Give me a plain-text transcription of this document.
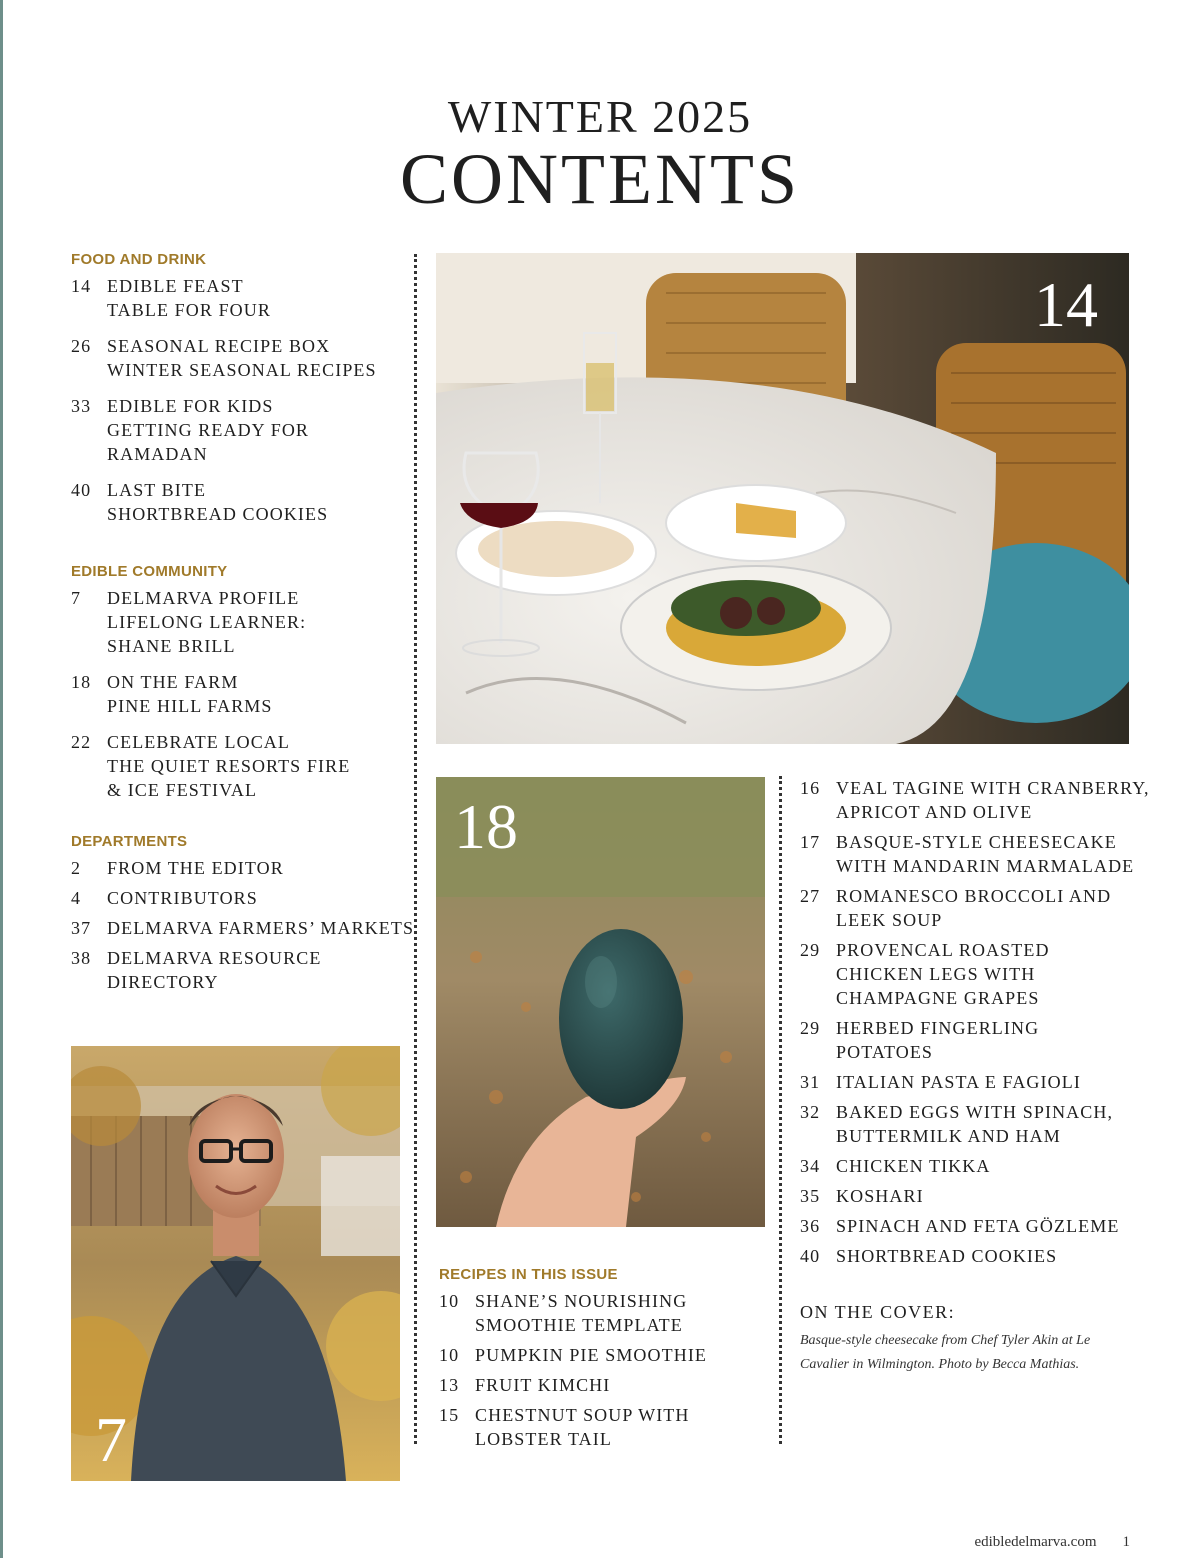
WINTER 2025
CONTENTS
FOOD AND DRINK
14 EDIBLE FEAST
TABLE FOR FOUR
26 SEASONAL RECIPE BOX
WINTER SEASONAL RECIPES
33 EDIBLE FOR KIDS
GETTING READY FOR
RAMADAN
40 LAST BITE
SHORTBREAD COOKIES
EDIBLE COMMUNITY
7	DELMARVA PROFILE
LIFELONG LEARNER:
SHANE BRILL
18 ON THE FARM
PINE HILL FARMS
22 CELEBRATE LOCAL
THE QUIET RESORTS FIRE
& ICE FESTIVAL
DEPARTMENTS
2	FROM THE EDITOR
4	CONTRIBUTORS
37 DELMARVA FARMERS’ MARKETS
38 DELMARVA RESOURCE
DIRECTORY
7
14
18
RECIPES IN THIS ISSUE
10 SHANE’S NOURISHING
SMOOTHIE TEMPLATE
10 PUMPKIN PIE SMOOTHIE
13 FRUIT KIMCHI
15 CHESTNUT SOUP WITH
LOBSTER TAIL
16 VEAL TAGINE WITH CRANBERRY,
APRICOT AND OLIVE
17 BASQUE-STYLE CHEESECAKE
WITH MANDARIN MARMALADE
27 ROMANESCO BROCCOLI AND
LEEK SOUP
29 PROVENCAL ROASTED
CHICKEN LEGS WITH
CHAMPAGNE GRAPES
29 HERBED FINGERLING
POTATOES
31 ITALIAN PASTA E FAGIOLI
32 BAKED EGGS WITH SPINACH,
BUTTERMILK AND HAM
34 CHICKEN TIKKA
35 KOSHARI
36 SPINACH AND FETA GÖZLEME
40 SHORTBREAD COOKIES
ON THE COVER:
Basque-style cheesecake from Chef Tyler Akin at Le Cavalier in Wilmington. Photo by Becca Mathias.
edibledelmarva.com 1
